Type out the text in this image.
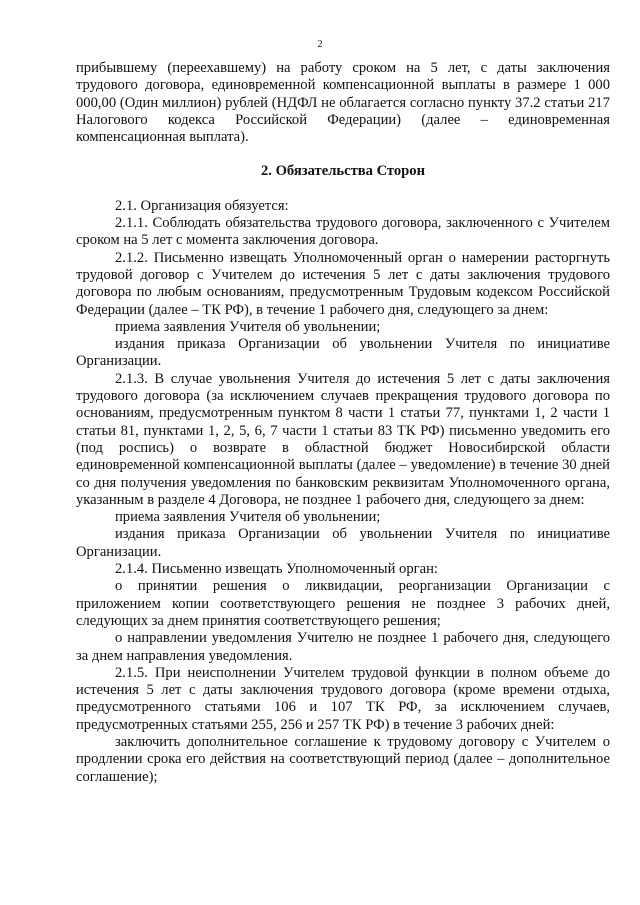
2

прибывшему (переехавшему) на работу сроком на 5 лет, с даты заключения трудового договора, единовременной компенсационной выплаты в размере 1 000 000,00 (Один миллион) рублей (НДФЛ не облагается согласно пункту 37.2 статьи 217 Налогового кодекса Российской Федерации) (далее – единовременная компенсационная выплата).

2. Обязательства Сторон

2.1. Организация обязуется:

2.1.1. Соблюдать обязательства трудового договора, заключенного с Учителем сроком на 5 лет с момента заключения договора.

2.1.2. Письменно извещать Уполномоченный орган о намерении расторгнуть трудовой договор с Учителем до истечения 5 лет с даты заключения трудового договора по любым основаниям, предусмотренным Трудовым кодексом Российской Федерации (далее – ТК РФ), в течение 1 рабочего дня, следующего за днем:

приема заявления Учителя об увольнении;

издания приказа Организации об увольнении Учителя по инициативе Организации.

2.1.3. В случае увольнения Учителя до истечения 5 лет с даты заключения трудового договора (за исключением случаев прекращения трудового договора по основаниям, предусмотренным пунктом 8 части 1 статьи 77, пунктами 1, 2 части 1 статьи 81, пунктами 1, 2, 5, 6, 7 части 1 статьи 83 ТК РФ) письменно уведомить его (под роспись) о возврате в областной бюджет Новосибирской области единовременной компенсационной выплаты (далее – уведомление) в течение 30 дней со дня получения уведомления по банковским реквизитам Уполномоченного органа, указанным в разделе 4 Договора, не позднее 1 рабочего дня, следующего за днем:

приема заявления Учителя об увольнении;

издания приказа Организации об увольнении Учителя по инициативе Организации.

2.1.4. Письменно извещать Уполномоченный орган:

о принятии решения о ликвидации, реорганизации Организации с приложением копии соответствующего решения не позднее 3 рабочих дней, следующих за днем принятия соответствующего решения;

о направлении уведомления Учителю не позднее 1 рабочего дня, следующего за днем направления уведомления.

2.1.5. При неисполнении Учителем трудовой функции в полном объеме до истечения 5 лет с даты заключения трудового договора (кроме времени отдыха, предусмотренного статьями 106 и 107 ТК РФ, за исключением случаев, предусмотренных статьями 255, 256 и 257 ТК РФ) в течение 3 рабочих дней:

заключить дополнительное соглашение к трудовому договору с Учителем о продлении срока его действия на соответствующий период (далее – дополнительное соглашение);
